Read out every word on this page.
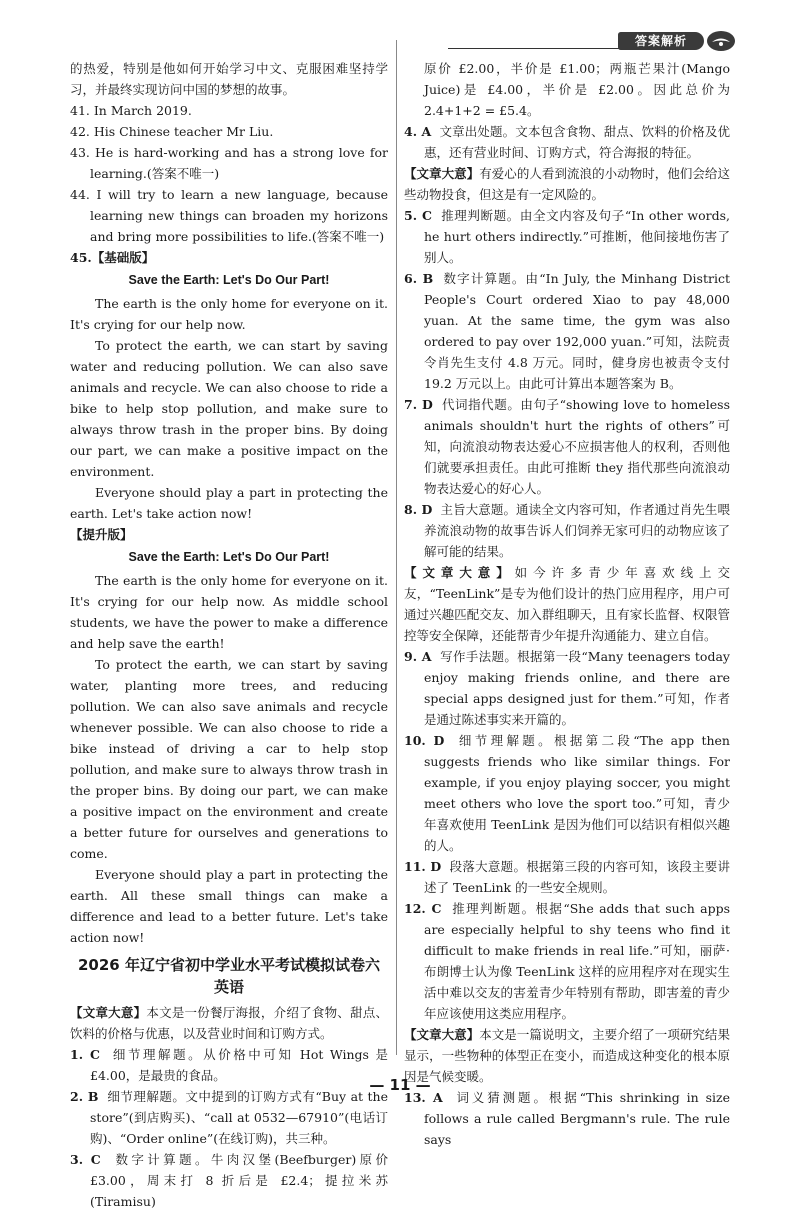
答案解析

的热爱，特别是他如何开始学习中文、克服困难坚持学习，并最终实现访问中国的梦想的故事。

41. In March 2019.

42. His Chinese teacher Mr Liu.

43. He is hard-working and has a strong love for learning.(答案不唯一)

44. I will try to learn a new language, because learning new things can broaden my horizons and bring more possibilities to life.(答案不唯一)

45.【基础版】

Save the Earth: Let's Do Our Part!

The earth is the only home for everyone on it. It's crying for our help now.

To protect the earth, we can start by saving water and reducing pollution. We can also save animals and recycle. We can also choose to ride a bike to help stop pollution, and make sure to always throw trash in the proper bins. By doing our part, we can make a positive impact on the environment.

Everyone should play a part in protecting the earth. Let's take action now!

【提升版】

Save the Earth: Let's Do Our Part!

The earth is the only home for everyone on it. It's crying for our help now. As middle school students, we have the power to make a difference and help save the earth!

To protect the earth, we can start by saving water, planting more trees, and reducing pollution. We can also save animals and recycle whenever possible. We can also choose to ride a bike instead of driving a car to help stop pollution, and make sure to always throw trash in the proper bins. By doing our part, we can make a positive impact on the environment and create a better future for ourselves and generations to come.

Everyone should play a part in protecting the earth. All these small things can make a difference and lead to a better future. Let's take action now!

2026 年辽宁省初中学业水平考试模拟试卷六

英语

【文章大意】本文是一份餐厅海报，介绍了食物、甜点、饮料的价格与优惠，以及营业时间和订购方式。

1. C 细节理解题。从价格中可知 Hot Wings 是 £4.00，是最贵的食品。

2. B 细节理解题。文中提到的订购方式有“Buy at the store”(到店购买)、“call at 0532—67910”(电话订购)、“Order online”(在线订购)，共三种。

3. C 数字计算题。牛肉汉堡(Beefburger)原价 £3.00，周末打 8 折后是 £2.4；提拉米苏(Tiramisu)

原价 £2.00，半价是 £1.00；两瓶芒果汁(Mango Juice)是 £4.00，半价是 £2.00。因此总价为 2.4+1+2 = £5.4。

4. A 文章出处题。文本包含食物、甜点、饮料的价格及优惠，还有营业时间、订购方式，符合海报的特征。

【文章大意】有爱心的人看到流浪的小动物时，他们会给这些动物投食，但这是有一定风险的。

5. C 推理判断题。由全文内容及句子“In other words, he hurt others indirectly.”可推断，他间接地伤害了别人。

6. B 数字计算题。由“In July, the Minhang District People's Court ordered Xiao to pay 48,000 yuan. At the same time, the gym was also ordered to pay over 192,000 yuan.”可知，法院责令肖先生支付 4.8 万元。同时，健身房也被责令支付 19.2 万元以上。由此可计算出本题答案为 B。

7. D 代词指代题。由句子“showing love to homeless animals shouldn't hurt the rights of others”可知，向流浪动物表达爱心不应损害他人的权利，否则他们就要承担责任。由此可推断 they 指代那些向流浪动物表达爱心的好心人。

8. D 主旨大意题。通读全文内容可知，作者通过肖先生喂养流浪动物的故事告诉人们饲养无家可归的动物应该了解可能的结果。

【文章大意】如今许多青少年喜欢线上交友，“TeenLink”是专为他们设计的热门应用程序，用户可通过兴趣匹配交友、加入群组聊天，且有家长监督、权限管控等安全保障，还能帮青少年提升沟通能力、建立自信。

9. A 写作手法题。根据第一段“Many teenagers today enjoy making friends online, and there are special apps designed just for them.”可知，作者是通过陈述事实来开篇的。

10. D 细节理解题。根据第二段“The app then suggests friends who like similar things. For example, if you enjoy playing soccer, you might meet others who love the sport too.”可知，青少年喜欢使用 TeenLink 是因为他们可以结识有相似兴趣的人。

11. D 段落大意题。根据第三段的内容可知，该段主要讲述了 TeenLink 的一些安全规则。

12. C 推理判断题。根据“She adds that such apps are especially helpful to shy teens who find it difficult to make friends in real life.”可知，丽萨·布朗博士认为像 TeenLink 这样的应用程序对在现实生活中难以交友的害羞青少年特别有帮助，即害羞的青少年应该使用这类应用程序。

【文章大意】本文是一篇说明文，主要介绍了一项研究结果显示，一些物种的体型正在变小，而造成这种变化的根本原因是气候变暖。

13. A 词义猜测题。根据“This shrinking in size follows a rule called Bergmann's rule. The rule says

— 11 —
